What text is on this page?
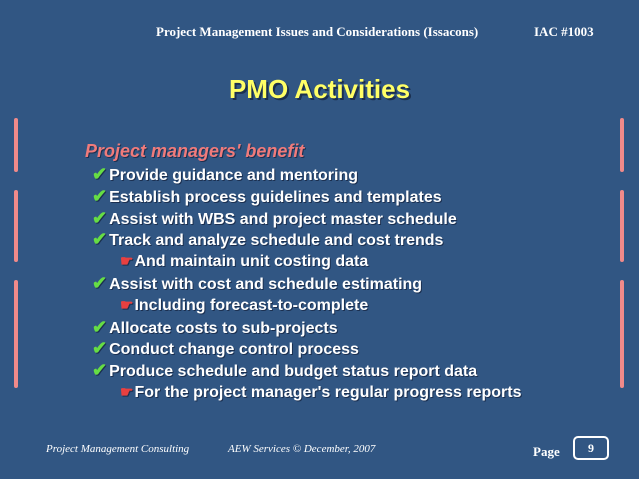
Project Management Issues and Considerations (Issacons)	IAC #1003
PMO Activities
Project managers' benefit
✔ Provide guidance and mentoring
✔ Establish process guidelines and templates
✔ Assist with WBS and project master schedule
✔ Track and analyze schedule and cost trends
☛And maintain unit costing data
✔ Assist with cost and schedule estimating
☛Including forecast-to-complete
✔ Allocate costs to sub-projects
✔ Conduct change control process
✔ Produce schedule and budget status report data
☛For the project manager's regular progress reports
Project Management Consulting	AEW Services © December, 2007	Page	9
